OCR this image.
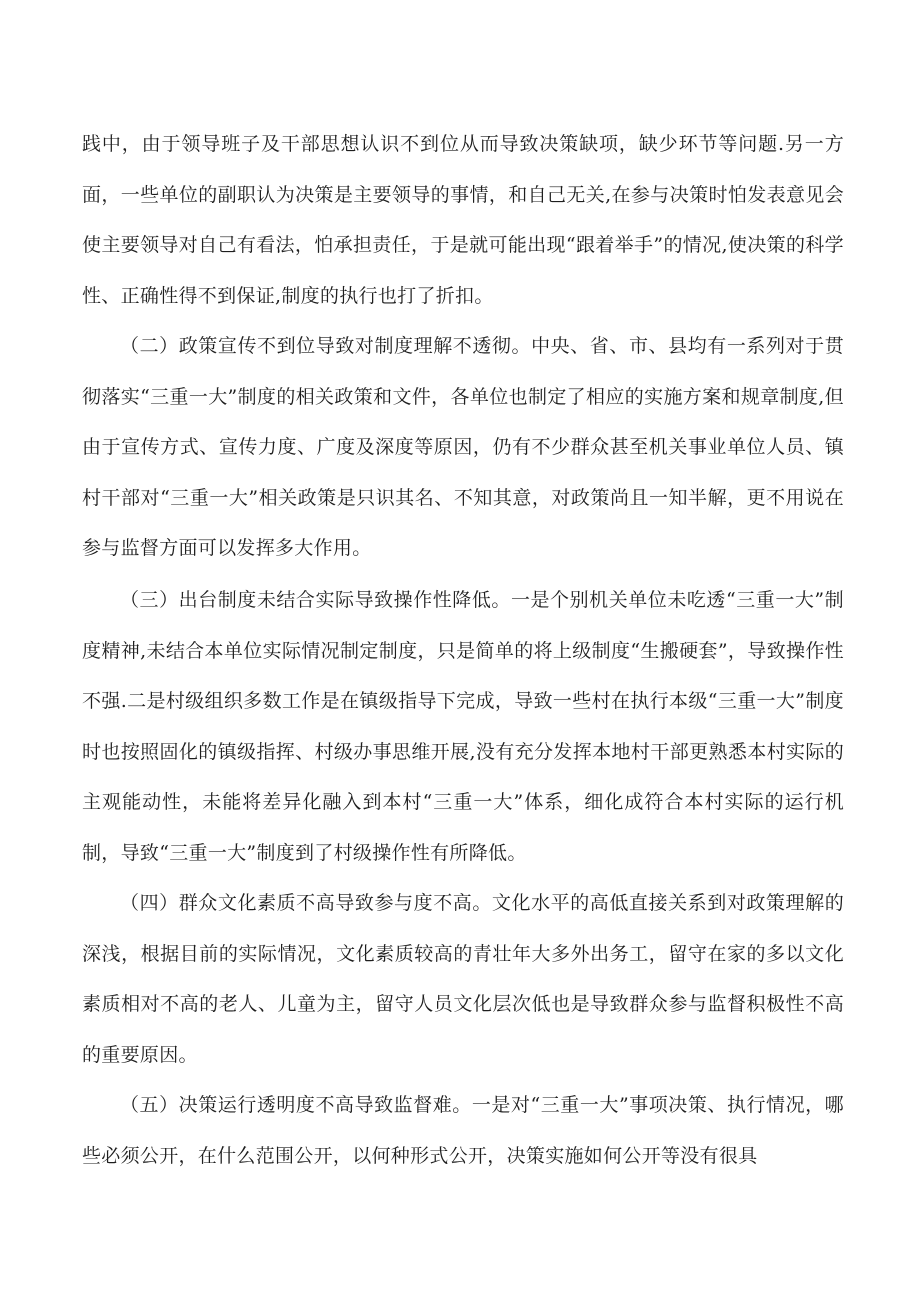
践中，由于领导班子及干部思想认识不到位从而导致决策缺项，缺少环节等问题.另一方面，一些单位的副职认为决策是主要领导的事情，和自己无关,在参与决策时怕发表意见会使主要领导对自己有看法，怕承担责任，于是就可能出现“跟着举手”的情况,使决策的科学性、正确性得不到保证,制度的执行也打了折扣。

（二）政策宣传不到位导致对制度理解不透彻。中央、省、市、县均有一系列对于贯彻落实“三重一大”制度的相关政策和文件，各单位也制定了相应的实施方案和规章制度,但由于宣传方式、宣传力度、广度及深度等原因，仍有不少群众甚至机关事业单位人员、镇村干部对“三重一大”相关政策是只识其名、不知其意，对政策尚且一知半解，更不用说在参与监督方面可以发挥多大作用。

（三）出台制度未结合实际导致操作性降低。一是个别机关单位未吃透“三重一大”制度精神,未结合本单位实际情况制定制度，只是简单的将上级制度“生搬硬套”，导致操作性不强.二是村级组织多数工作是在镇级指导下完成，导致一些村在执行本级“三重一大”制度时也按照固化的镇级指挥、村级办事思维开展,没有充分发挥本地村干部更熟悉本村实际的主观能动性，未能将差异化融入到本村“三重一大”体系，细化成符合本村实际的运行机制，导致“三重一大”制度到了村级操作性有所降低。

（四）群众文化素质不高导致参与度不高。文化水平的高低直接关系到对政策理解的深浅，根据目前的实际情况，文化素质较高的青壮年大多外出务工，留守在家的多以文化素质相对不高的老人、儿童为主，留守人员文化层次低也是导致群众参与监督积极性不高的重要原因。

（五）决策运行透明度不高导致监督难。一是对“三重一大”事项决策、执行情况，哪些必须公开，在什么范围公开，以何种形式公开，决策实施如何公开等没有很具
